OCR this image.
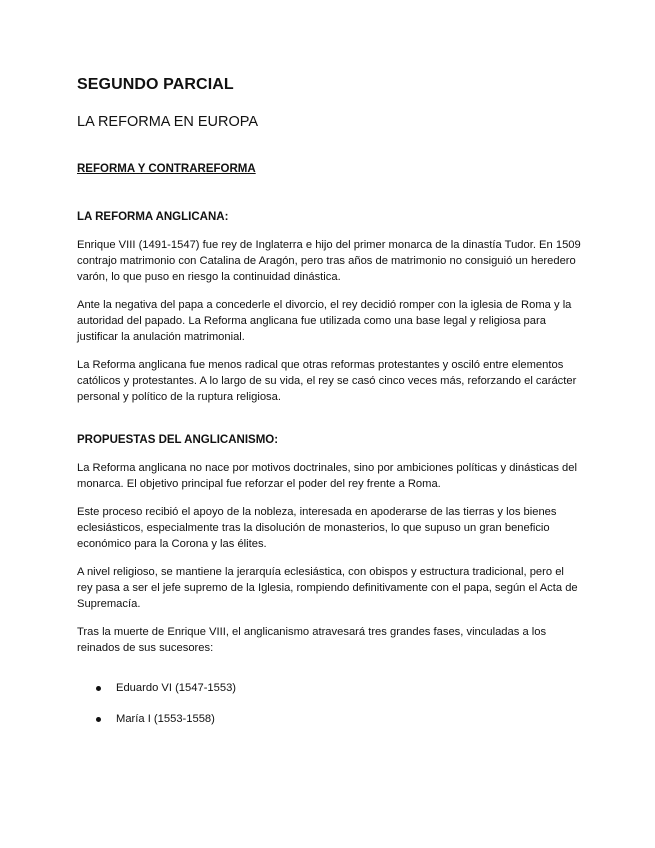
SEGUNDO PARCIAL
LA REFORMA EN EUROPA
REFORMA Y CONTRAREFORMA
LA REFORMA ANGLICANA:

Enrique VIII (1491-1547) fue rey de Inglaterra e hijo del primer monarca de la dinastía Tudor. En 1509 contrajo matrimonio con Catalina de Aragón, pero tras años de matrimonio no consiguió un heredero varón, lo que puso en riesgo la continuidad dinástica.

Ante la negativa del papa a concederle el divorcio, el rey decidió romper con la iglesia de Roma y la autoridad del papado. La Reforma anglicana fue utilizada como una base legal y religiosa para justificar la anulación matrimonial.

La Reforma anglicana fue menos radical que otras reformas protestantes y osciló entre elementos católicos y protestantes. A lo largo de su vida, el rey se casó cinco veces más, reforzando el carácter personal y político de la ruptura religiosa.

PROPUESTAS DEL ANGLICANISMO:

La Reforma anglicana no nace por motivos doctrinales, sino por ambiciones políticas y dinásticas del monarca. El objetivo principal fue reforzar el poder del rey frente a Roma.

Este proceso recibió el apoyo de la nobleza, interesada en apoderarse de las tierras y los bienes eclesiásticos, especialmente tras la disolución de monasterios, lo que supuso un gran beneficio económico para la Corona y las élites.

A nivel religioso, se mantiene la jerarquía eclesiástica, con obispos y estructura tradicional, pero el rey pasa a ser el jefe supremo de la Iglesia, rompiendo definitivamente con el papa, según el Acta de Supremacía.

Tras la muerte de Enrique VIII, el anglicanismo atravesará tres grandes fases, vinculadas a los reinados de sus sucesores:

Eduardo VI (1547-1553)
María I (1553-1558)
